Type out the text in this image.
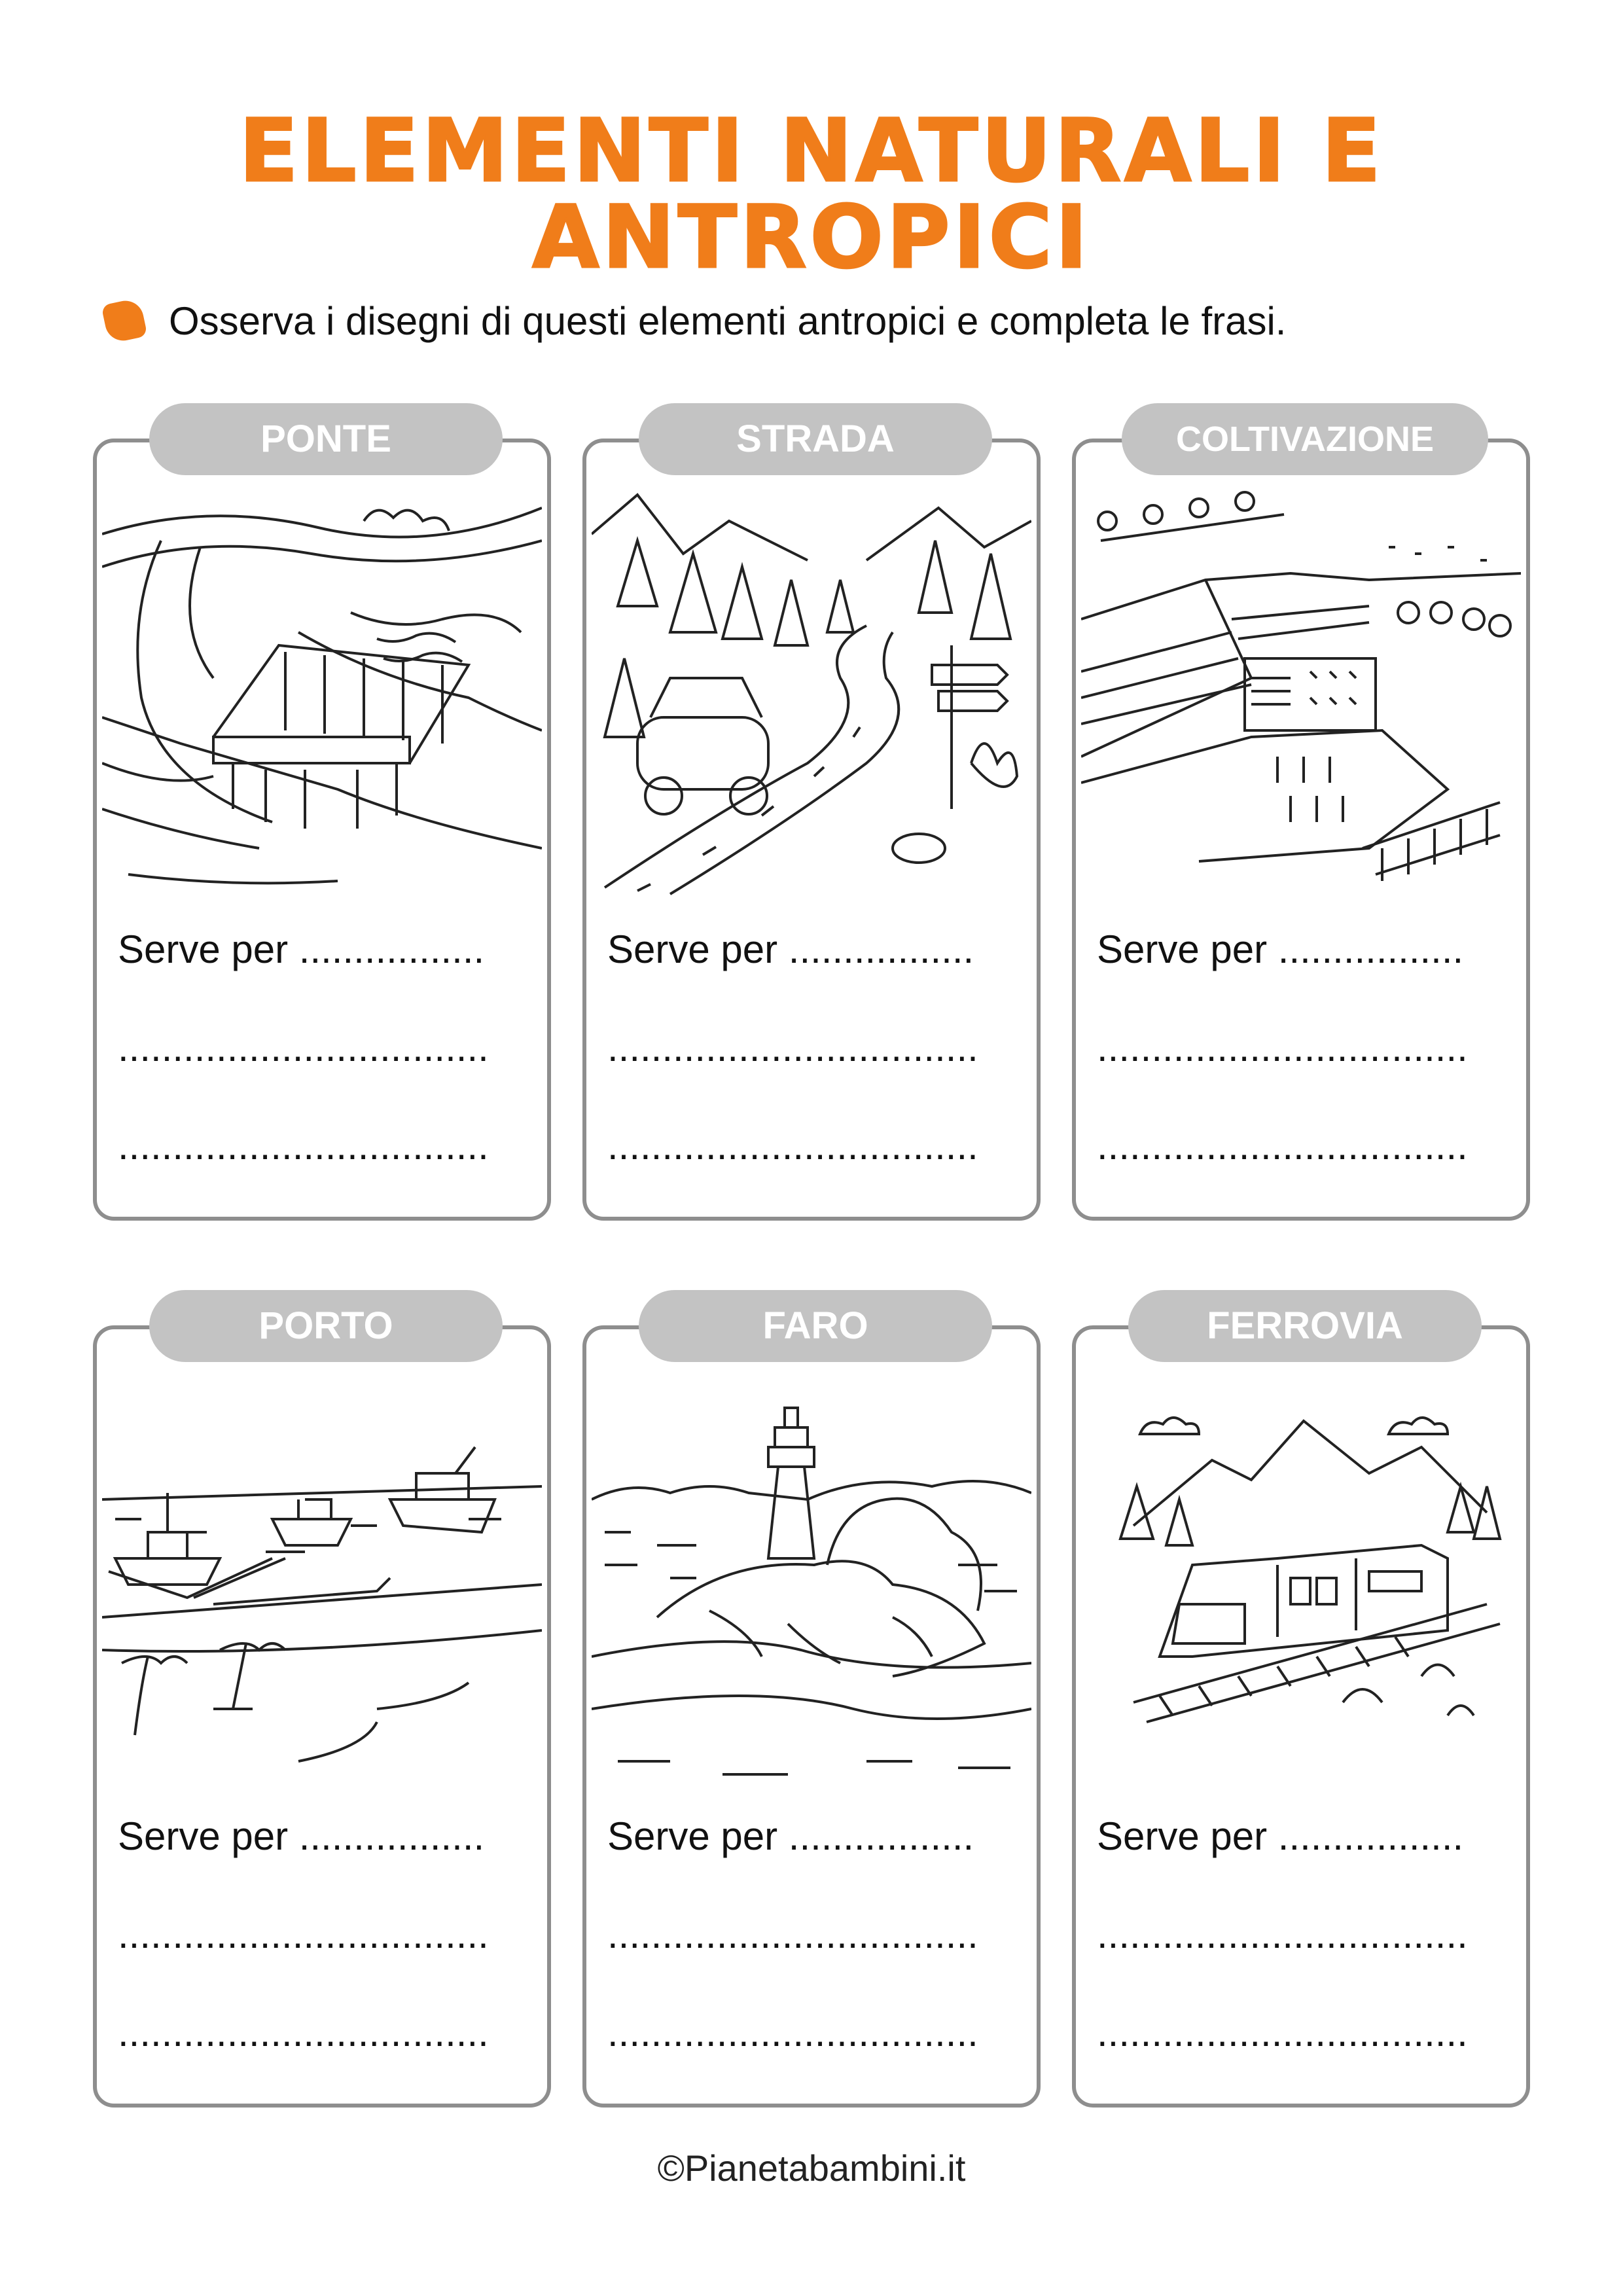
ELEMENTI NATURALI E ANTROPICI
Osserva i disegni di questi elementi antropici e completa le frasi.
PONTE
Serve per .................
..................................
..................................
STRADA
Serve per .................
..................................
..................................
COLTIVAZIONE
Serve per .................
..................................
..................................
PORTO
Serve per .................
..................................
..................................
FARO
Serve per .................
..................................
..................................
FERROVIA
Serve per .................
..................................
..................................
©Pianetabambini.it
